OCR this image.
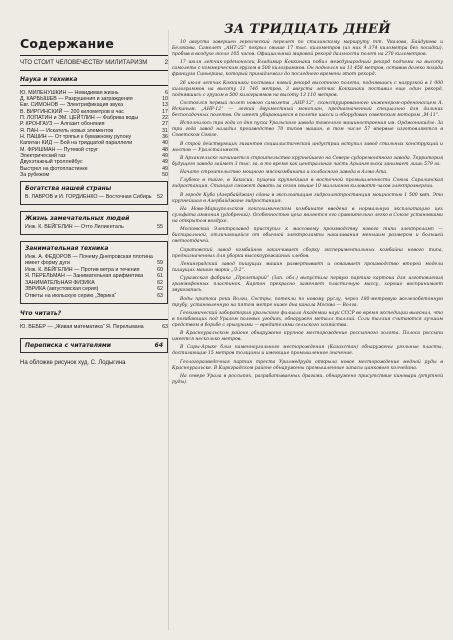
Содержание
ЧТО СТОИТ ЧЕЛОВЕЧЕСТВУ МИЛИТАРИЗМ	2
Наука и техника
Ю. МИЛЕНУШКИН — Невидимая жизнь	6
Д. КАРБЫШЕВ — Разрушения и заграждения	10
Евг. СИМОНОВ — Электрификация звука	13
В. ВИРГИНСКИЙ — 200 километров в час	17
П. ЛОПАТИН и ЭМ. ЦЕЙТЛИН — Фабрика воды	22
Р. КРОНГАУЗ — Алгазит обоняния	27
Я. ПАН — Искатель новых элементов	31
Н. ПАШИН — От тряпья к бумажному рулону	36
Капитан КИД — Бой на тридцатой параллели	40
М. ФРИШМАН — Путевой струг	48
Электрический газ	49
Двухэтажный троллейбус	49
Выстрел на фотопластинке	49
За рубежом	50
Богатства нашей страны
В. ЛАВРОВ и И. ГОРДИЕНКО — Восточная Сибирь 52
Жизнь замечательных людей
Инж. К. ВЕЙГЕЛИН — Отто Лилиенталь	55
Занимательная техника
Инж. А. ФЕДОРОВ — Почему Днепровская плотина имеет форму дуги	59
Инж. К. ВЕЙГЕЛИН — Против ветра и течения	60
Я. ПЕРЕЛЬМАН — Занимательная арифметика	61
ЗАНИМАТЕЛЬНАЯ ФИЗИКА	62
ЗВРИКА (августовская серия)	62
Ответы на июльскую серию „Эврика“	63
Что читать?
Ю. ВЕБЕР — „Живая математика“ Я. Перельмана	63
Переписка с читателями	64
На обложке рисунок худ. С. Лодыгина
ЗА ТРИДЦАТЬ ДНЕЙ

10 августа завершен героический перелет по сталинскому маршруту тт. Чкалова, Байдукова и Белякова. Самолет „АНТ-25“ покрыл свыше 17 тыс. километров (из них 9 374 километра без посадки), пробыв в воздухе около 105 часов. Официальный мировой рекорд дальности полет на 270 километров.

17 июля летчик-орденоносец Владимир Коккинаки побил международный рекорд подъема на высоту самолета с коммерческим грузом в 500 килограммов. Он поднялся на 11 458 метров, оставив далеко позади француза Синьерина, который принадлежал до последнего времени этот рекорд.

26 июля летчик Коккинаки поставил новый рекорд высотного полета, поднявшись с нагрузкой в 1 000 килограммов на высоту 11 746 метров. 3 августа летчик Коккинаки поставил еще один рекорд, поднявшись с грузом в 500 килограммов на высоту 13 110 метров.

Состоялся первый полет нового самолета „АНР-12“, сконструированного инженером-орденоносцем А. Искиным. „АНР-12“ — легкий двухместный моноплан, предназначенный специально для дальних беспосадочных полетов. Он имеет убирающееся в полете шасси и оборудован советским мотором „М-11“.

Исполнилось три года со дня пуска Уральского завода тяжелого машиностроения им. Орджоникидзе. За три года завод наладил производство 70 типов машин, в том числе 57 впервые изготовляются в Советском Союзе.

В строй действующих гигантов социалистической индустрии вступил завод стальных конструкций и мостов — Уралстальмост.

В Архангельске начинается строительство крупнейшего на Севере судоремонтного завода. Территория будущего завода займет 3 тыс. га, в то время как центральная часть Архангельска занимает лишь 579 га.

Начато строительство мощного мясокомбината и колбасного завода в Алма-Ата.

Глубоко в тайге, в Хакасии, пущена крупнейшая в восточной промышленности Союза Саралинская гидростанция. Станция сможет давать за сезон свыше 10 миллионов киловатт-часов электроэнергии.

В городе Куба (Азербайджан) сдана в эксплоатацию гидроэлектростанция мощностью 1 500 квт. Это крупнейшая в Азербайджане гидростанция.

На Ново-Мариупольском коксохимическом комбинате введена в нормальную эксплоатацию цех сульфата аммония (удобрений). Особенностью цеха является его сравнительно легко в Союзе установками на открытом воздухе.

Московский Электрозавод приступил к массовому производству нового типа электроламп — биспиральной, отличающейся от обычной электролампы накаливания меньшим размером и большей светоотдачей.

Саратовский завод комбайнов заканчивает сборку экспериментальных комбайна нового типа, предназначенных для уборки высокоурожайных хлебов.

Ленинградский завод пишущих машин развертывает и осваивает производство второй модели пишущих машин марки „Л-2“.

Суражская фабрика „Пролетарий“ (Зап. обл.) выпустила первую партию картона для изготовления граммофонных пластинок. Картон прекрасно заменяет пластичную массу, хорошо воспринимает звукозапись.

Воды притока реки Волги, Сестры, потекли по новому руслу, через 180-метровую железобетонную трубу, установленную на пятом метре ниже дна канала Москва — Волга.

Геохимический заборатория уральского филиала Академии наук СССР во время экспедиции выяснил, что в погибающих под Уралом полевых угодиях, обнаружен металл таллий. Соли таллия считаются лучшим средством в борьбе с грызунами — вредителями сельского хозяйства.

В Красноуральском районе обнаружено крупное месторождение россыпного золота. Полоса россыпи имеется несколько метров.

В Сары-Арыке близ каменноугольного месторождения (Казахстан) обнаружены угольные пласты, достигающие 15 метров толщины и имеющие промышленное значение.

Геологоразведочная партия треста Уралмедруда открыла новое месторождение медной руды в Красноуральске. В Киркградском районе обнаружены промышленные запасы цинкового колчедана.

На севере Урала в россыпях, разрабатываемых драгами, обнаружено присутствие киновари (ртутной руды).
